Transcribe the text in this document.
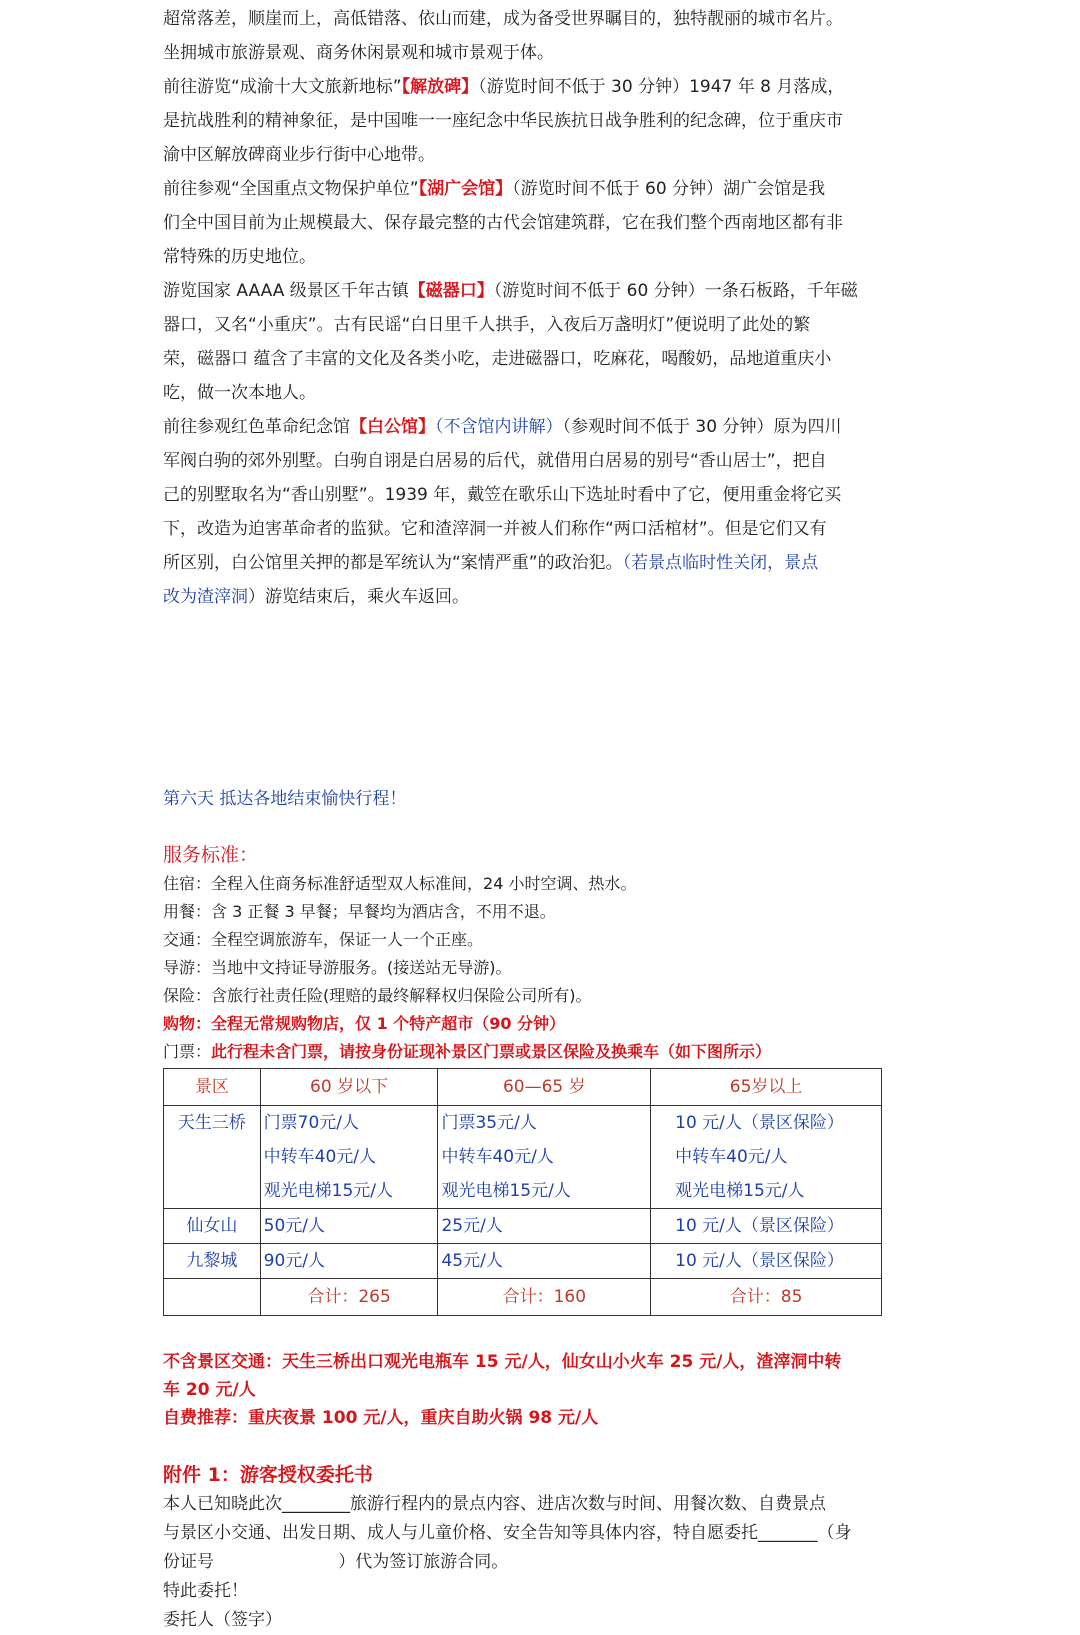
超常落差，顺崖而上，高低错落、依山而建，成为备受世界瞩目的，独特靓丽的城市名片。
坐拥城市旅游景观、商务休闲景观和城市景观于体。

前往游览“成渝十大文旅新地标”【解放碑】（游览时间不低于 30 分钟）1947 年 8 月落成，
是抗战胜利的精神象征，是中国唯一一座纪念中华民族抗日战争胜利的纪念碑，位于重庆市
渝中区解放碑商业步行街中心地带。

前往参观“全国重点文物保护单位”【湖广会馆】（游览时间不低于 60 分钟）湖广会馆是我
们全中国目前为止规模最大、保存最完整的古代会馆建筑群，它在我们整个西南地区都有非
常特殊的历史地位。

游览国家 AAAA 级景区千年古镇【磁器口】（游览时间不低于 60 分钟）一条石板路，千年磁
器口，又名“小重庆”。古有民谣“白日里千人拱手，入夜后万盏明灯”便说明了此处的繁
荣，磁器口 蕴含了丰富的文化及各类小吃，走进磁器口，吃麻花，喝酸奶，品地道重庆小
吃，做一次本地人。

前往参观红色革命纪念馆【白公馆】（不含馆内讲解）（参观时间不低于 30 分钟）原为四川
军阀白驹的郊外别墅。白驹自诩是白居易的后代，就借用白居易的别号“香山居士”，把自
己的别墅取名为“香山别墅”。1939 年，戴笠在歌乐山下选址时看中了它，便用重金将它买
下，改造为迫害革命者的监狱。它和渣滓洞一并被人们称作“两口活棺材”。但是它们又有
所区别，白公馆里关押的都是军统认为“案情严重”的政治犯。（若景点临时性关闭，景点
改为渣滓洞）游览结束后，乘火车返回。

第六天 抵达各地结束愉快行程！
服务标准：
住宿：全程入住商务标准舒适型双人标准间，24 小时空调、热水。
用餐：含 3 正餐 3 早餐；早餐均为酒店含，不用不退。
交通：全程空调旅游车，保证一人一个正座。
导游：当地中文持证导游服务。(接送站无导游)。
保险：含旅行社责任险(理赔的最终解释权归保险公司所有)。
购物：全程无常规购物店，仅 1 个特产超市（90 分钟）
门票：此行程未含门票，请按身份证现补景区门票或景区保险及换乘车（如下图所示）
景区	60 岁以下	60—65 岁	65岁以上
天生三桥	门票70元/人
中转车40元/人
观光电梯15元/人	门票35元/人
中转车40元/人
观光电梯15元/人	10 元/人（景区保险）
中转车40元/人
观光电梯15元/人

仙女山	50元/人	25元/人	10 元/人（景区保险）
九黎城	90元/人	45元/人	10 元/人（景区保险）
	合计：265	合计：160	合计：85
不含景区交通：天生三桥出口观光电瓶车 15 元/人，仙女山小火车 25 元/人，渣滓洞中转
车 20 元/人
自费推荐：重庆夜景 100 元/人，重庆自助火锅 98 元/人
附件 1：游客授权委托书
本人已知晓此次________旅游行程内的景点内容、进店次数与时间、用餐次数、自费景点
与景区小交通、出发日期、成人与儿童价格、安全告知等具体内容，特自愿委托_______（身
份证号                       ）代为签订旅游合同。
特此委托！
委托人（签字）
